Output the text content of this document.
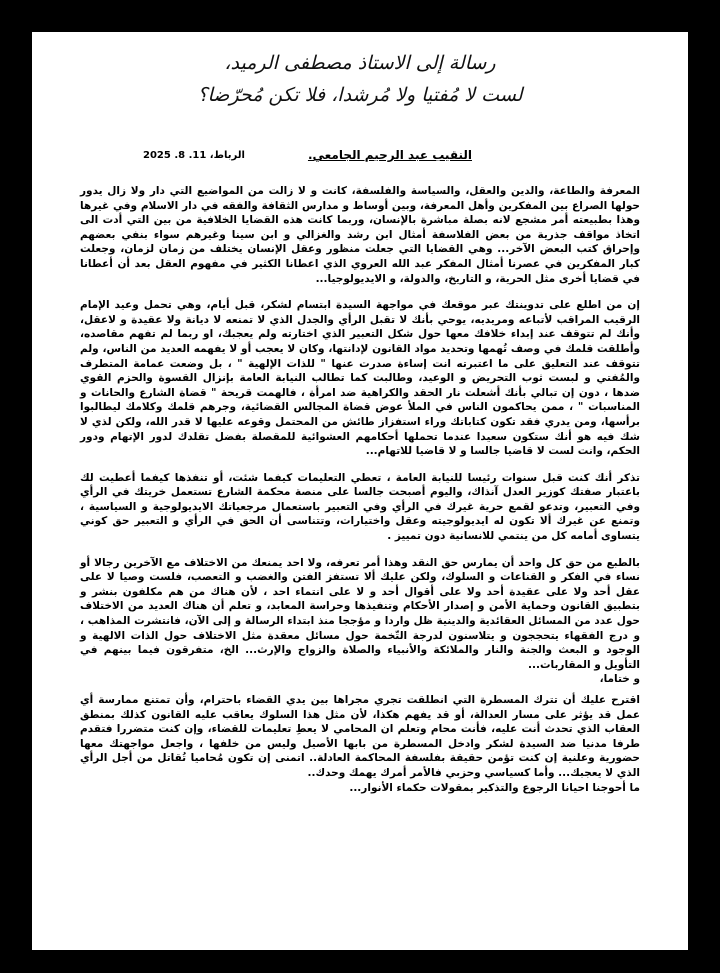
رسالة إلى الاستاذ مصطفى الرميد،
لست لا مُفتيا ولا مُرشدا، فلا تكن مُحرّضا؟
النقيب عبد الرحيم الجامعي.
الرباط، 11. 8. 2025

المعرفة والطاعة، والدين والعقل، والسياسة والفلسفة، كانت و لا زالت من المواضيع التي دار ولا زال يدور حولها الصراع بين المفكرين وأهل المعرفة، وبين أوساط و مدارس الثقافة والفقه في دار الاسلام وفي غيرها وهذا بطبيعته أمر مشجع لانه بصلة مباشرة بالإنسان، وربما كانت هذه القضايا الخلافية من بين التي أدت الى اتخاذ مواقف جذرية من بعض الفلاسفة أمثال ابن رشد والغزالي و ابن سينا وغيرهم سواء بنفي بعضهم وإحراق كتب البعض الآخر... وهي القضايا التي جعلت منظور وعقل الإنسان يختلف من زمان لزمان، وجعلت كبار المفكرين في عصرنا أمثال المفكر عبد الله العروي الذي اعطانا الكثير في مفهوم العقل بعد أن أعطانا في قضايا أخرى مثل الحرية، و التاريخ، والدولة، و الايديولوجيا...

إن من اطلع على تدوينتك عبر موقعك في مواجهة السيدة ابتسام لشكر، قبل أيام، وهي تحمل وعيد الإمام الرقيب المراقب لأتباعه ومريديه، يوحي بأنك لا تقبل الرأي والجدل الذي لا تمنعه لا ديانة ولا عقيدة و لاعقل، وأنك لم تتوقف عند إبداء خلافك معها حول شكل التعبير الذي اختارته ولم يعجبك، او ربما لم تفهم مقاصده، وأطلقت قلمك في وصف تُهمها وتحديد مواد القانون لإدانتها، وكان لا يعجب أو لا يفهمه العديد من الناس، ولم تتوقف عند التعليق على ما اعتبرته انت إساءة صدرت عنها " للذات الإلهية " ، بل وضعت عمامة المتطرف والمُفتي و لبست ثوب التحريض و الوعيد، وطالبت كما تطالب النيابة العامة بإنزال القسوة والحزم القوي ضدها ، دون إن تبالي بأنك أشعلت نار الحقد والكراهية ضد امرأة ، فالهمت قريحة " قضاة الشارع والحانات و المناسبات " ، ممن يحاكمون الناس في الملأ عوض قضاة المجالس القضائية، وجرهم قلمك وكلامك ليطالبوا برأسها، ومن يدري فقد تكون كتاباتك وراء استفزاز طائش من المحتمل وقوعه عليها لا قدر الله، ولكن لذي لا شك فيه هو أنك ستكون سعيدا عندما تحملها أحكامهم العشوائية للمقصلة بفضل تقلدك لدور الإتهام ودور الحكم، وانت لست لا قاضيا جالسا و لا قاضيا للاتهام...

تذكر أنك كنت قبل سنوات رئيسا للنيابة العامة ، تعطي التعليمات كيفما شئت، أو تنفذها كيفما أعطيت لك باعتبار صفتك كوزير العدل آنذاك، واليوم أصبحت جالسا على منصة محكمة الشارع تستعمل خريتك في الرأي وفي التعبير، وتدعو لقمع حرية غيرك في الرأي وفي التعبير باستعمال مرجعياتك الايديولوجية و السياسية ، وتمنع عن غيرك ألا تكون له ايديولوجيته وعقل واختيارات، وتتناسى أن الحق في الرأي و التعبير حق كوني يتساوى أمامه كل من ينتمي للانسانية دون تمييز .

بالطبع من حق كل واحد أن يمارس حق النقد وهذا أمر تعرفه، ولا احد يمنعك من الاختلاف مع الآخرين رجالا أو نساء في الفكر و القناعات و السلوك، ولكن عليك ألا تستفز الفتن والغضب و التعصب، فلست وصيا لا على عقل أحد ولا على عقيدة أحد ولا على أقوال أحد و لا على انتماء احد ، لأن هناك من هم مكلفون بنشر و بتطبيق القانون وحماية الأمن و إصدار الأحكام وتنفيذها وحراسة المعابد، و تعلم أن هناك العديد من الاختلاف حول عدد من المسائل العقائدية والدينية ظل واردا و مؤججا منذ ابتداء الرسالة و إلى الآن، فانتشرت المذاهب ، و درج الفقهاء يتحججون و يتلاسنون لدرجة التّخمة حول مسائل معقدة مثل الاختلاف حول الذات الالهية و الوجود و البعث والجنة والنار والملائكة والأنبياء والصلاة والزواج والإرث... الخ، متفرقون فيما بينهم في التأويل و المقاربات...

و ختاما،

اقترح عليك أن تترك المسطرة التي انطلقت تجري مجراها بين يدي القضاء باحترام، وأن تمتنع ممارسة أي عمل قد يؤثر على مسار العدالة، أو قد يفهم هكذا، لأن مثل هذا السلوك يعاقب عليه القانون كذلك بمنطق العقاب الذي تحدث أنت عليه، فأنت محام وتعلم ان المحامي لا يعطِ تعليمات للقضاء، وإن كنت متضررا فتقدم طرفا مدنيا ضد السيدة لشكر وادخل المسطرة من بابها الأصيل وليس من خلفها ، واجعل مواجهتك معها حضورية وعلنية إن كنت تؤمن حقيقة بفلسفة المحاكمة العادلة.. اتمنى إن تكون مُحاميا تُقاتل من أجل الرأي الذي لا يعجبك... وأما كسياسي وحزبي فالأمر أمرك يهمك وحدك..

ما أحوجنا احيانا الرجوع والتذكير بمقولات حكماء الأنوار...
